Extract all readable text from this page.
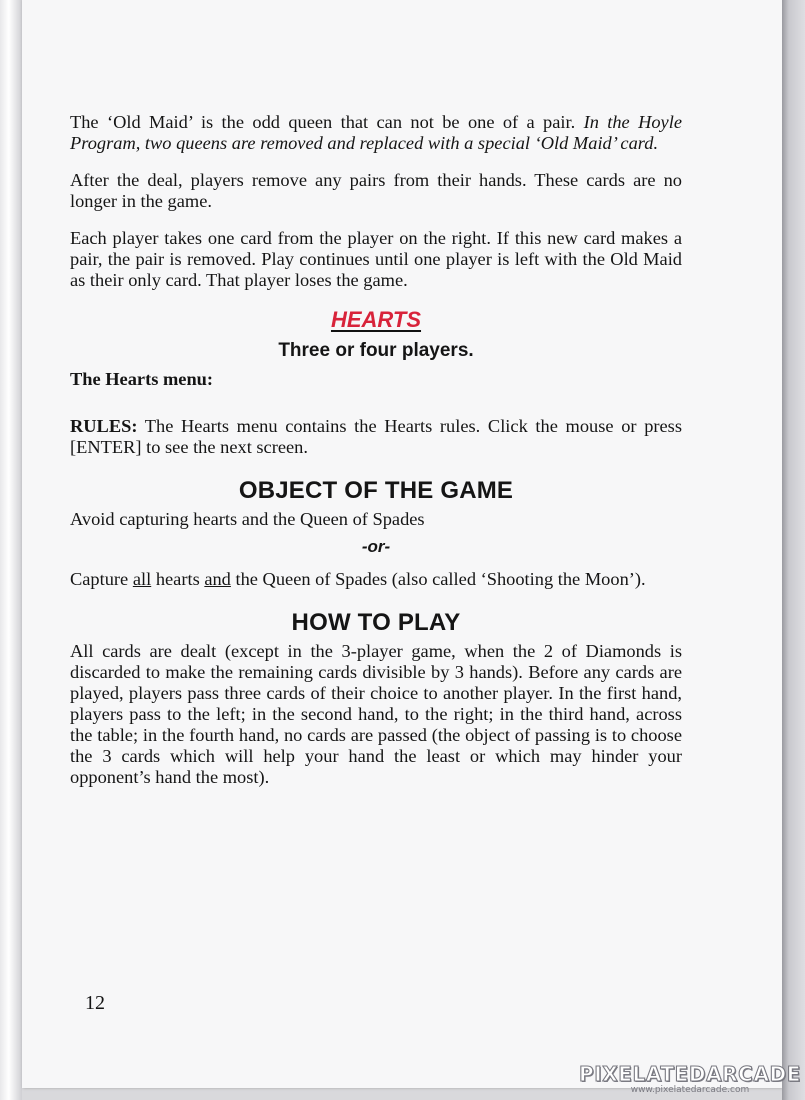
The ‘Old Maid’ is the odd queen that can not be one of a pair. In the Hoyle Program, two queens are removed and replaced with a special ‘Old Maid’ card.

After the deal, players remove any pairs from their hands. These cards are no longer in the game.

Each player takes one card from the player on the right. If this new card makes a pair, the pair is removed. Play continues until one player is left with the Old Maid as their only card. That player loses the game.

HEARTS
Three or four players.

The Hearts menu:

RULES: The Hearts menu contains the Hearts rules. Click the mouse or press [ENTER] to see the next screen.

OBJECT OF THE GAME

Avoid capturing hearts and the Queen of Spades

-or-

Capture all hearts and the Queen of Spades (also called ‘Shooting the Moon’).

HOW TO PLAY

All cards are dealt (except in the 3-player game, when the 2 of Diamonds is discarded to make the remaining cards divisible by 3 hands). Before any cards are played, players pass three cards of their choice to another player. In the first hand, players pass to the left; in the second hand, to the right; in the third hand, across the table; in the fourth hand, no cards are passed (the object of passing is to choose the 3 cards which will help your hand the least or which may hinder your opponent’s hand the most).

12
PIXELATEDARCADE
www.pixelatedarcade.com
